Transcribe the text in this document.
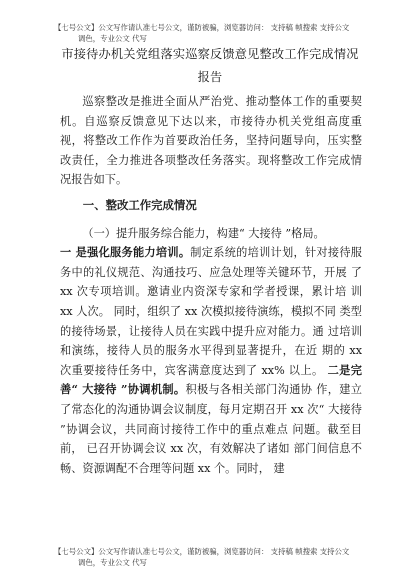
【七号公文】公文写作请认准七号公文，谨防被骗，浏览器访问： 支持稿 帧搜索 支持公文
调色，专业公文 代写
市接待办机关党组落实巡察反馈意见整改工作完成情况报告

巡察整改是推进全面从严治党、推动整体工作的重要契机。自巡察反馈意见下达以来，市接待办机关党组高度重视，将整改工作作为首要政治任务，坚持问题导向，压实整改责任，全力推进各项整改任务落实。现将整改工作完成情况报告如下。

一、整改工作完成情况

（一）提升服务综合能力，构建“ 大接待 ”格局。

一 是强化服务能力培训。制定系统的培训计划，针对接待服 务中的礼仪规范、沟通技巧、应急处理等关键环节，开展 了 xx 次专项培训。邀请业内资深专家和学者授课，累计培 训 xx 人次。 同时，组织了 xx 次模拟接待演练，模拟不同 类型的接待场景，让接待人员在实践中提升应对能力。通 过培训和演练，接待人员的服务水平得到显著提升，在近 期的 xx 次重要接待任务中，宾客满意度达到了 xx% 以上。 二是完善“ 大接待 ”协调机制。积极与各相关部门沟通协 作，建立了常态化的沟通协调会议制度，每月定期召开 xx 次“ 大接待 ”协调会议，共同商讨接待工作中的重点难点 问题。截至目前， 已召开协调会议 xx 次，有效解决了诸如 部门间信息不畅、资源调配不合理等问题 xx 个。同时， 建

【七号公文】公文写作请认准七号公文，谨防被骗，浏览器访问： 支持稿 帧搜索 支持公文
调色，专业公文 代写
